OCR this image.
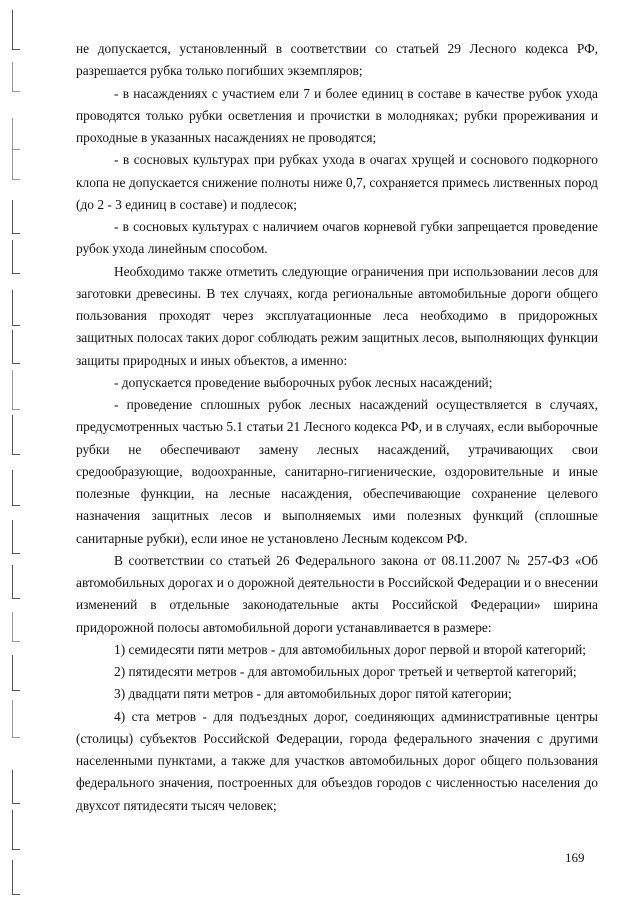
не допускается, установленный в соответствии со статьей 29 Лесного кодекса РФ, разрешается рубка только погибших экземпляров;

- в насаждениях с участием ели 7 и более единиц в составе в качестве рубок ухода проводятся только рубки осветления и прочистки в молодняках; рубки прореживания и проходные в указанных насаждениях не проводятся;

- в сосновых культурах при рубках ухода в очагах хрущей и соснового подкорного клопа не допускается снижение полноты ниже 0,7, сохраняется примесь лиственных пород (до 2 - 3 единиц в составе) и подлесок;

- в сосновых культурах с наличием очагов корневой губки запрещается проведение рубок ухода линейным способом.

Необходимо также отметить следующие ограничения при использовании лесов для заготовки древесины. В тех случаях, когда региональные автомобильные дороги общего пользования проходят через эксплуатационные леса необходимо в придорожных защитных полосах таких дорог соблюдать режим защитных лесов, выполняющих функции защиты природных и иных объектов, а именно:

- допускается проведение выборочных рубок лесных насаждений;

- проведение сплошных рубок лесных насаждений осуществляется в случаях, предусмотренных частью 5.1 статьи 21 Лесного кодекса РФ, и в случаях, если выборочные рубки не обеспечивают замену лесных насаждений, утрачивающих свои средообразующие, водоохранные, санитарно-гигиенические, оздоровительные и иные полезные функции, на лесные насаждения, обеспечивающие сохранение целевого назначения защитных лесов и выполняемых ими полезных функций (сплошные санитарные рубки), если иное не установлено Лесным кодексом РФ.

В соответствии со статьей 26 Федерального закона от 08.11.2007 № 257-ФЗ «Об автомобильных дорогах и о дорожной деятельности в Российской Федерации и о внесении изменений в отдельные законодательные акты Российской Федерации» ширина придорожной полосы автомобильной дороги устанавливается в размере:

1) семидесяти пяти метров - для автомобильных дорог первой и второй категорий;

2) пятидесяти метров - для автомобильных дорог третьей и четвертой категорий;

3) двадцати пяти метров - для автомобильных дорог пятой категории;

4) ста метров - для подъездных дорог, соединяющих административные центры (столицы) субъектов Российской Федерации, города федерального значения с другими населенными пунктами, а также для участков автомобильных дорог общего пользования федерального значения, построенных для объездов городов с численностью населения до двухсот пятидесяти тысяч человек;

169
